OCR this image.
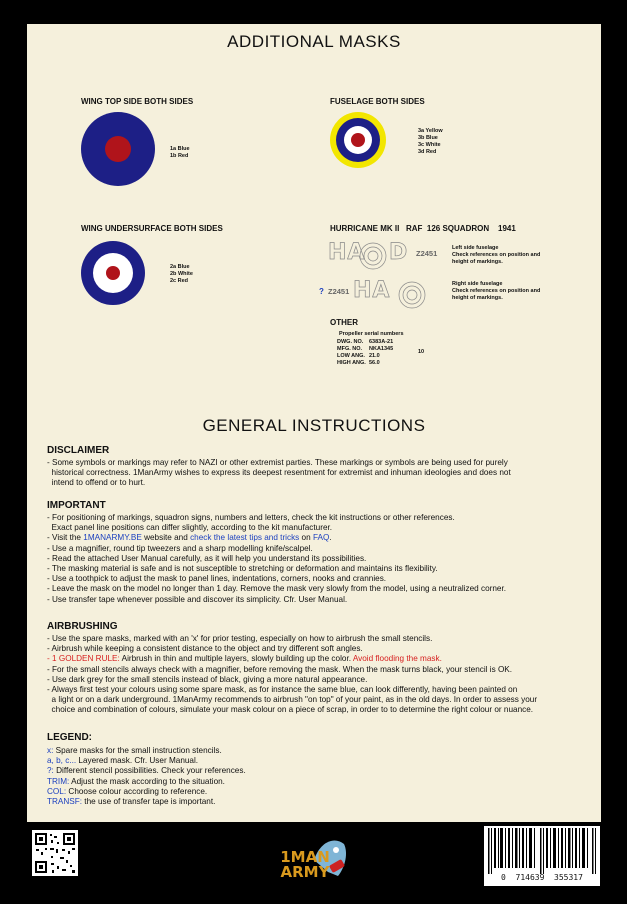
ADDITIONAL MASKS
WING TOP SIDE BOTH SIDES
1a Blue
1b Red
FUSELAGE BOTH SIDES
3a Yellow
3b Blue
3c White
3d Red
WING UNDERSURFACE BOTH SIDES
2a Blue
2b White
2c Red
HURRICANE MK II   RAF  126 SQUADRON    1941
HA D Z2451
Left side fuselage
Check references on position and
height of markings.
? Z2451 HA	Right side fuselage
Check references on position and
height of markings.
OTHER
Propeller serial numbers
DWG. NO.
MFG. NO.
LOW ANG.
HIGH ANG.
6383A-21
NKA1345
21.0
56.0
10
GENERAL INSTRUCTIONS
DISCLAIMER
- Some symbols or markings may refer to NAZI or other extremist parties. These markings or symbols are being used for purely
historical correctness. 1ManArmy wishes to express its deepest resentment for extremist and inhuman ideologies and does not
intend to offend or to hurt.
IMPORTANT
- For positioning of markings, squadron signs, numbers and letters, check the kit instructions or other references.
Exact panel line positions can differ slightly, according to the kit manufacturer.
- Visit the 1MANARMY.BE website and check the latest tips and tricks on FAQ.
- Use a magnifier, round tip tweezers and a sharp modelling knife/scalpel.
- Read the attached User Manual carefully, as it will help you understand its possibilities.
- The masking material is safe and is not susceptible to stretching or deformation and maintains its flexibility.
- Use a toothpick to adjust the mask to panel lines, indentations, corners, nooks and crannies.
- Leave the mask on the model no longer than 1 day. Remove the mask very slowly from the model, using a neutralized corner.
- Use transfer tape whenever possible and discover its simplicity. Cfr. User Manual.
AIRBRUSHING
- Use the spare masks, marked with an 'x' for prior testing, especially on how to airbrush the small stencils.
- Airbrush while keeping a consistent distance to the object and try different soft angles.
- 1 GOLDEN RULE: Airbrush in thin and multiple layers, slowly building up the color. Avoid flooding the mask.
- For the small stencils always check with a magnifier, before removing the mask. When the mask turns black, your stencil is OK.
- Use dark grey for the small stencils instead of black, giving a more natural appearance.
- Always first test your colours using some spare mask, as for instance the same blue, can look differently, having been painted on
a light or on a dark underground. 1ManArmy recommends to airbrush "on top" of your paint, as in the old days. In order to assess your
choice and combination of colours, simulate your mask colour on a piece of scrap, in order to to determine the right colour or nuance.
LEGEND:
x: Spare masks for the small instruction stencils.
a, b, c... Layered mask. Cfr. User Manual.
?: Different stencil possibilities. Check your references.
TRIM: Adjust the mask according to the situation.
COL: Choose colour according to reference.
TRANSF: the use of transfer tape is important.
1MAN
ARMY	0  714639  355317
